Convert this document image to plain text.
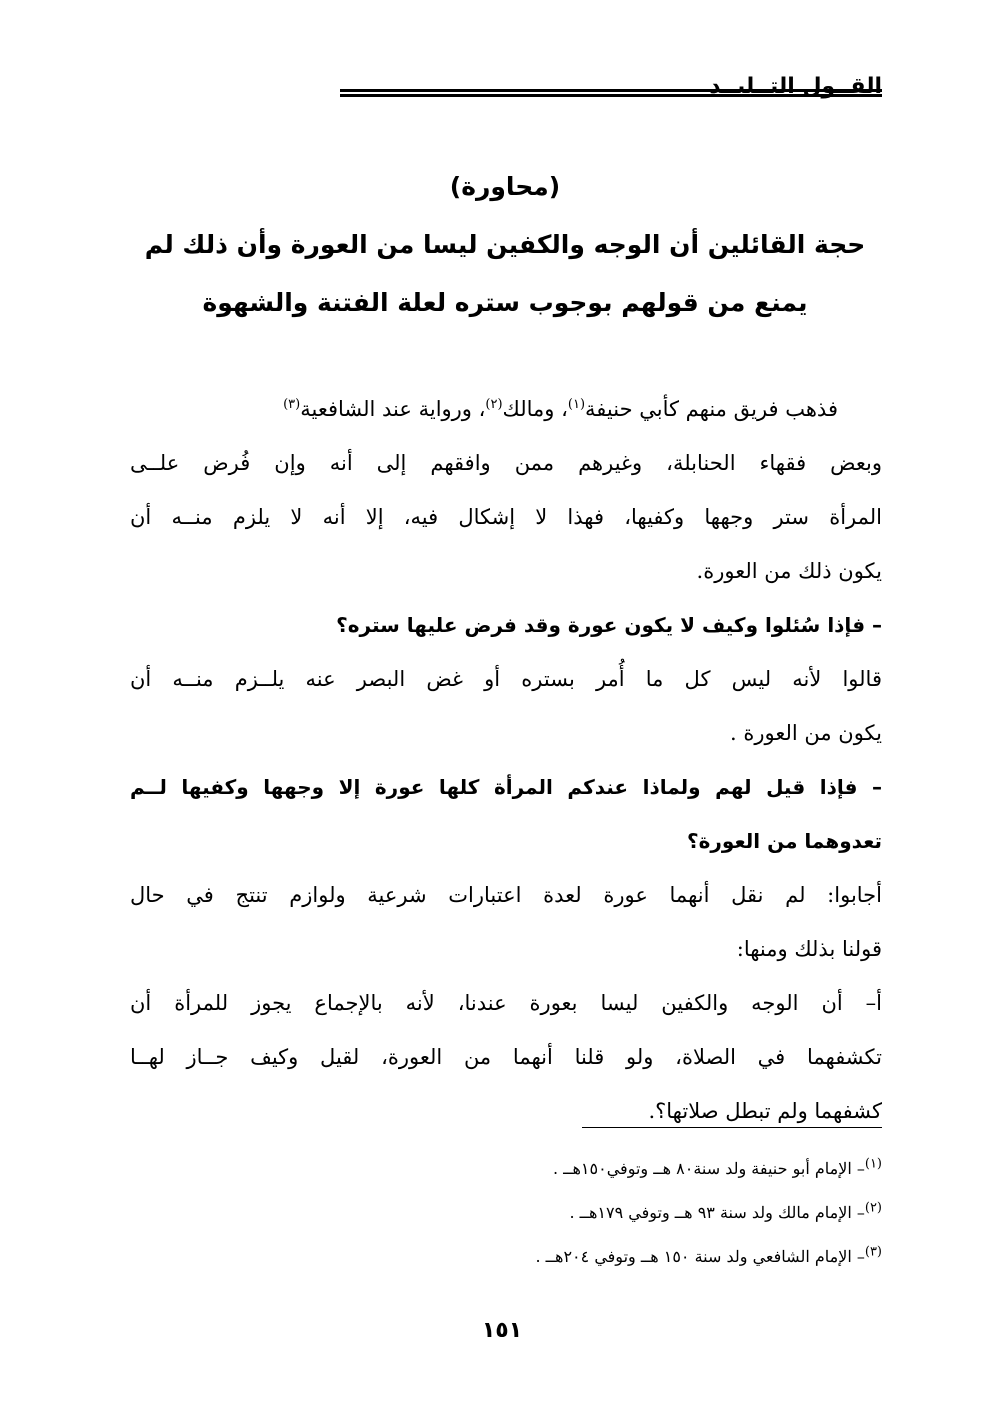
القــول التــليــد
(محاورة)
حجة القائلين أن الوجه والكفين ليسا من العورة وأن ذلك لم
يمنع من قولهم بوجوب ستره لعلة الفتنة والشهوة
فذهب فريق منهم كأبي حنيفة$^{(١)}$، ومالك$^{(٢)}$، ورواية عند الشافعية$^{(٣)}$
وبعض فقهاء الحنابلة، وغيرهم ممن وافقهم إلى أنه وإن فُرض علــى
المرأة ستر وجهها وكفيها، فهذا لا إشكال فيه، إلا أنه لا يلزم منــه أن
يكون ذلك من العورة.
– فإذا سُئلوا وكيف لا يكون عورة وقد فرض عليها ستره؟
قالوا لأنه ليس كل ما أُمر بستره أو غض البصر عنه يلــزم منــه أن
يكون من العورة .
– فإذا قيل لهم ولماذا عندكم المرأة كلها عورة إلا وجهها وكفيها لــم
تعدوهما من العورة؟
أجابوا: لم نقل أنهما عورة لعدة اعتبارات شرعية ولوازم تنتج في حال
قولنا بذلك ومنها:
أ– أن الوجه والكفين ليسا بعورة عندنا، لأنه بالإجماع يجوز للمرأة أن
تكشفهما في الصلاة، ولو قلنا أنهما من العورة، لقيل وكيف جــاز لهــا
كشفهما ولم تبطل صلاتها؟.
$^{(١)}$– الإمام أبو حنيفة ولد سنة٨٠ هــ وتوفي١٥٠هــ .
$^{(٢)}$– الإمام مالك ولد سنة ٩٣ هــ وتوفي ١٧٩هــ .
$^{(٣)}$– الإمام الشافعي ولد سنة ١٥٠ هــ وتوفي ٢٠٤هــ .
١٥١
